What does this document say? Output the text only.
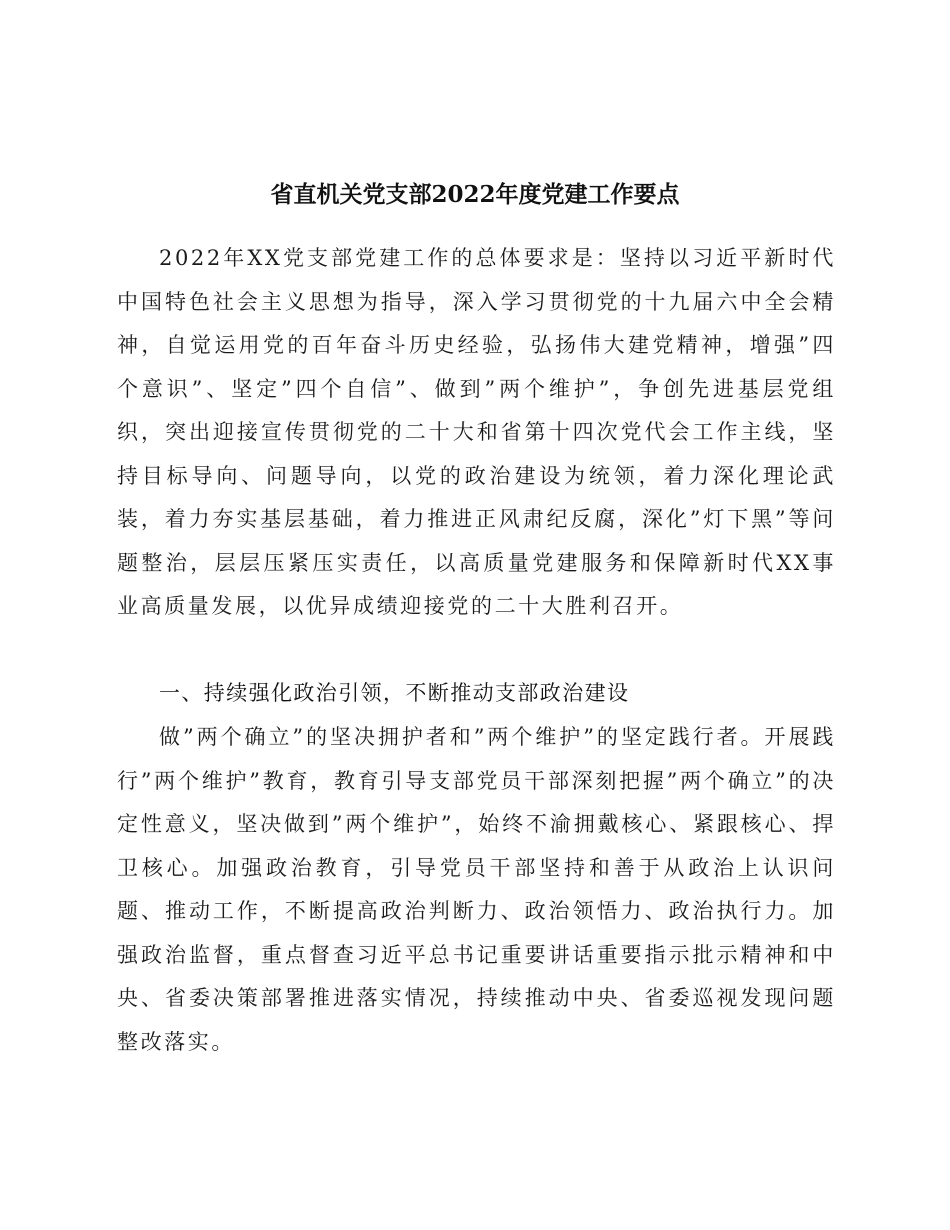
省直机关党支部2022年度党建工作要点

2022年XX党支部党建工作的总体要求是：坚持以习近平新时代中国特色社会主义思想为指导，深入学习贯彻党的十九届六中全会精神，自觉运用党的百年奋斗历史经验，弘扬伟大建党精神，增强”四个意识”、坚定”四个自信”、做到”两个维护”，争创先进基层党组织，突出迎接宣传贯彻党的二十大和省第十四次党代会工作主线，坚持目标导向、问题导向，以党的政治建设为统领，着力深化理论武装，着力夯实基层基础，着力推进正风肃纪反腐，深化”灯下黑”等问题整治，层层压紧压实责任，以高质量党建服务和保障新时代XX事业高质量发展，以优异成绩迎接党的二十大胜利召开。

一、持续强化政治引领，不断推动支部政治建设

做”两个确立”的坚决拥护者和”两个维护”的坚定践行者。开展践行”两个维护”教育，教育引导支部党员干部深刻把握”两个确立”的决定性意义，坚决做到”两个维护”，始终不渝拥戴核心、紧跟核心、捍卫核心。加强政治教育，引导党员干部坚持和善于从政治上认识问题、推动工作，不断提高政治判断力、政治领悟力、政治执行力。加强政治监督，重点督查习近平总书记重要讲话重要指示批示精神和中央、省委决策部署推进落实情况，持续推动中央、省委巡视发现问题整改落实。
